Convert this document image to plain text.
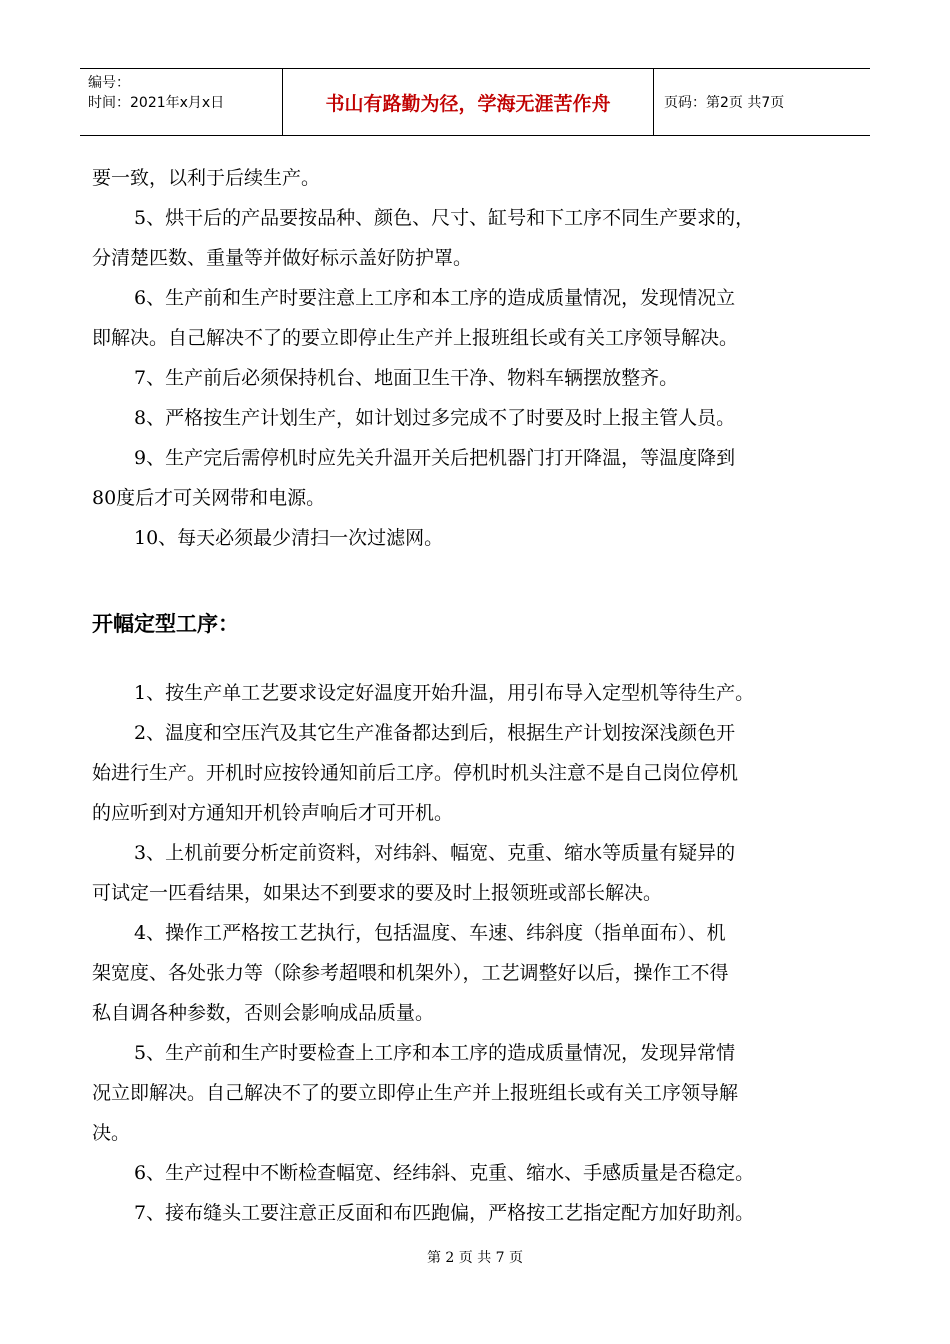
编号：
时间：2021年x月x日	书山有路勤为径，学海无涯苦作舟	页码：第2页 共7页

要一致，以利于后续生产。

5、烘干后的产品要按品种、颜色、尺寸、缸号和下工序不同生产要求的，

分清楚匹数、重量等并做好标示盖好防护罩。

6、生产前和生产时要注意上工序和本工序的造成质量情况，发现情况立

即解决。自己解决不了的要立即停止生产并上报班组长或有关工序领导解决。

7、生产前后必须保持机台、地面卫生干净、物料车辆摆放整齐。

8、严格按生产计划生产，如计划过多完成不了时要及时上报主管人员。

9、生产完后需停机时应先关升温开关后把机器门打开降温，等温度降到

80度后才可关网带和电源。

10、每天必须最少清扫一次过滤网。

开幅定型工序：

1、按生产单工艺要求设定好温度开始升温，用引布导入定型机等待生产。

2、温度和空压汽及其它生产准备都达到后，根据生产计划按深浅颜色开

始进行生产。开机时应按铃通知前后工序。停机时机头注意不是自己岗位停机

的应听到对方通知开机铃声响后才可开机。

3、上机前要分析定前资料，对纬斜、幅宽、克重、缩水等质量有疑异的

可试定一匹看结果，如果达不到要求的要及时上报领班或部长解决。

4、操作工严格按工艺执行，包括温度、车速、纬斜度（指单面布）、机

架宽度、各处张力等（除参考超喂和机架外），工艺调整好以后，操作工不得

私自调各种参数，否则会影响成品质量。

5、生产前和生产时要检查上工序和本工序的造成质量情况，发现异常情

况立即解决。自己解决不了的要立即停止生产并上报班组长或有关工序领导解

决。

6、生产过程中不断检查幅宽、经纬斜、克重、缩水、手感质量是否稳定。

7、接布缝头工要注意正反面和布匹跑偏，严格按工艺指定配方加好助剂。

第 2 页 共 7 页
